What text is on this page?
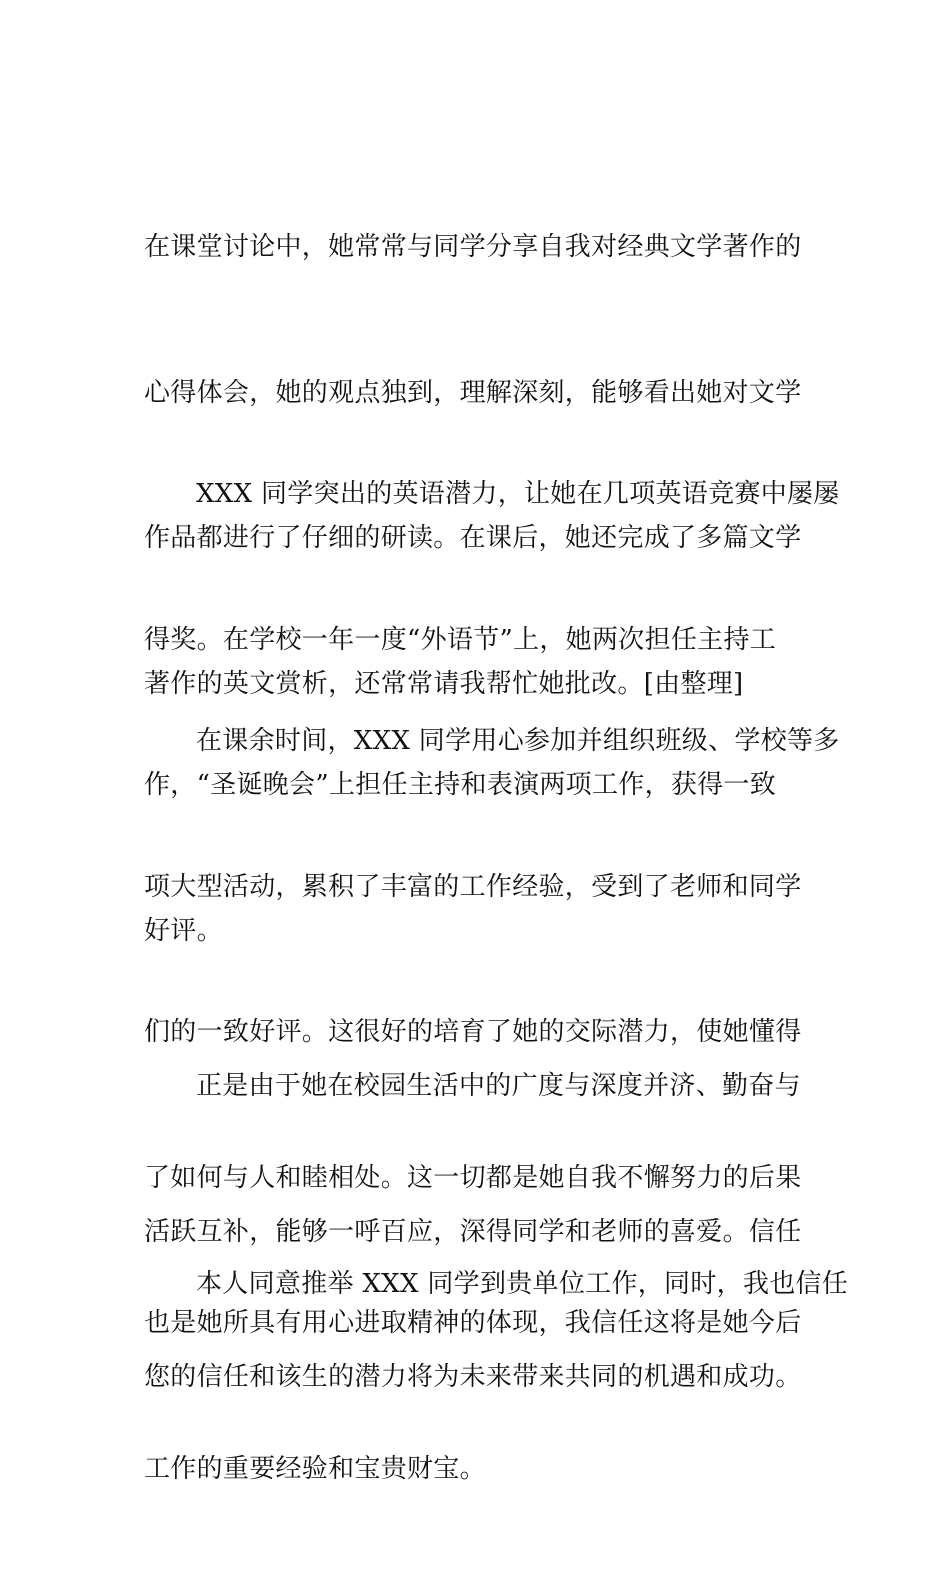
在课堂讨论中，她常常与同学分享自我对经典文学著作的

心得体会，她的观点独到，理解深刻，能够看出她对文学

作品都进行了仔细的研读。在课后，她还完成了多篇文学

著作的英文赏析，还常常请我帮忙她批改。[由整理]

XXX 同学突出的英语潜力，让她在几项英语竞赛中屡屡

得奖。在学校一年一度“外语节”上，她两次担任主持工

作，“圣诞晚会”上担任主持和表演两项工作，获得一致

好评。

在课余时间，XXX 同学用心参加并组织班级、学校等多

项大型活动，累积了丰富的工作经验，受到了老师和同学

们的一致好评。这很好的培育了她的交际潜力，使她懂得

了如何与人和睦相处。这一切都是她自我不懈努力的后果

也是她所具有用心进取精神的体现，我信任这将是她今后

工作的重要经验和宝贵财宝。

正是由于她在校园生活中的广度与深度并济、勤奋与

活跃互补，能够一呼百应，深得同学和老师的喜爱。信任

您的信任和该生的潜力将为未来带来共同的机遇和成功。

本人同意推举 XXX 同学到贵单位工作，同时，我也信任
